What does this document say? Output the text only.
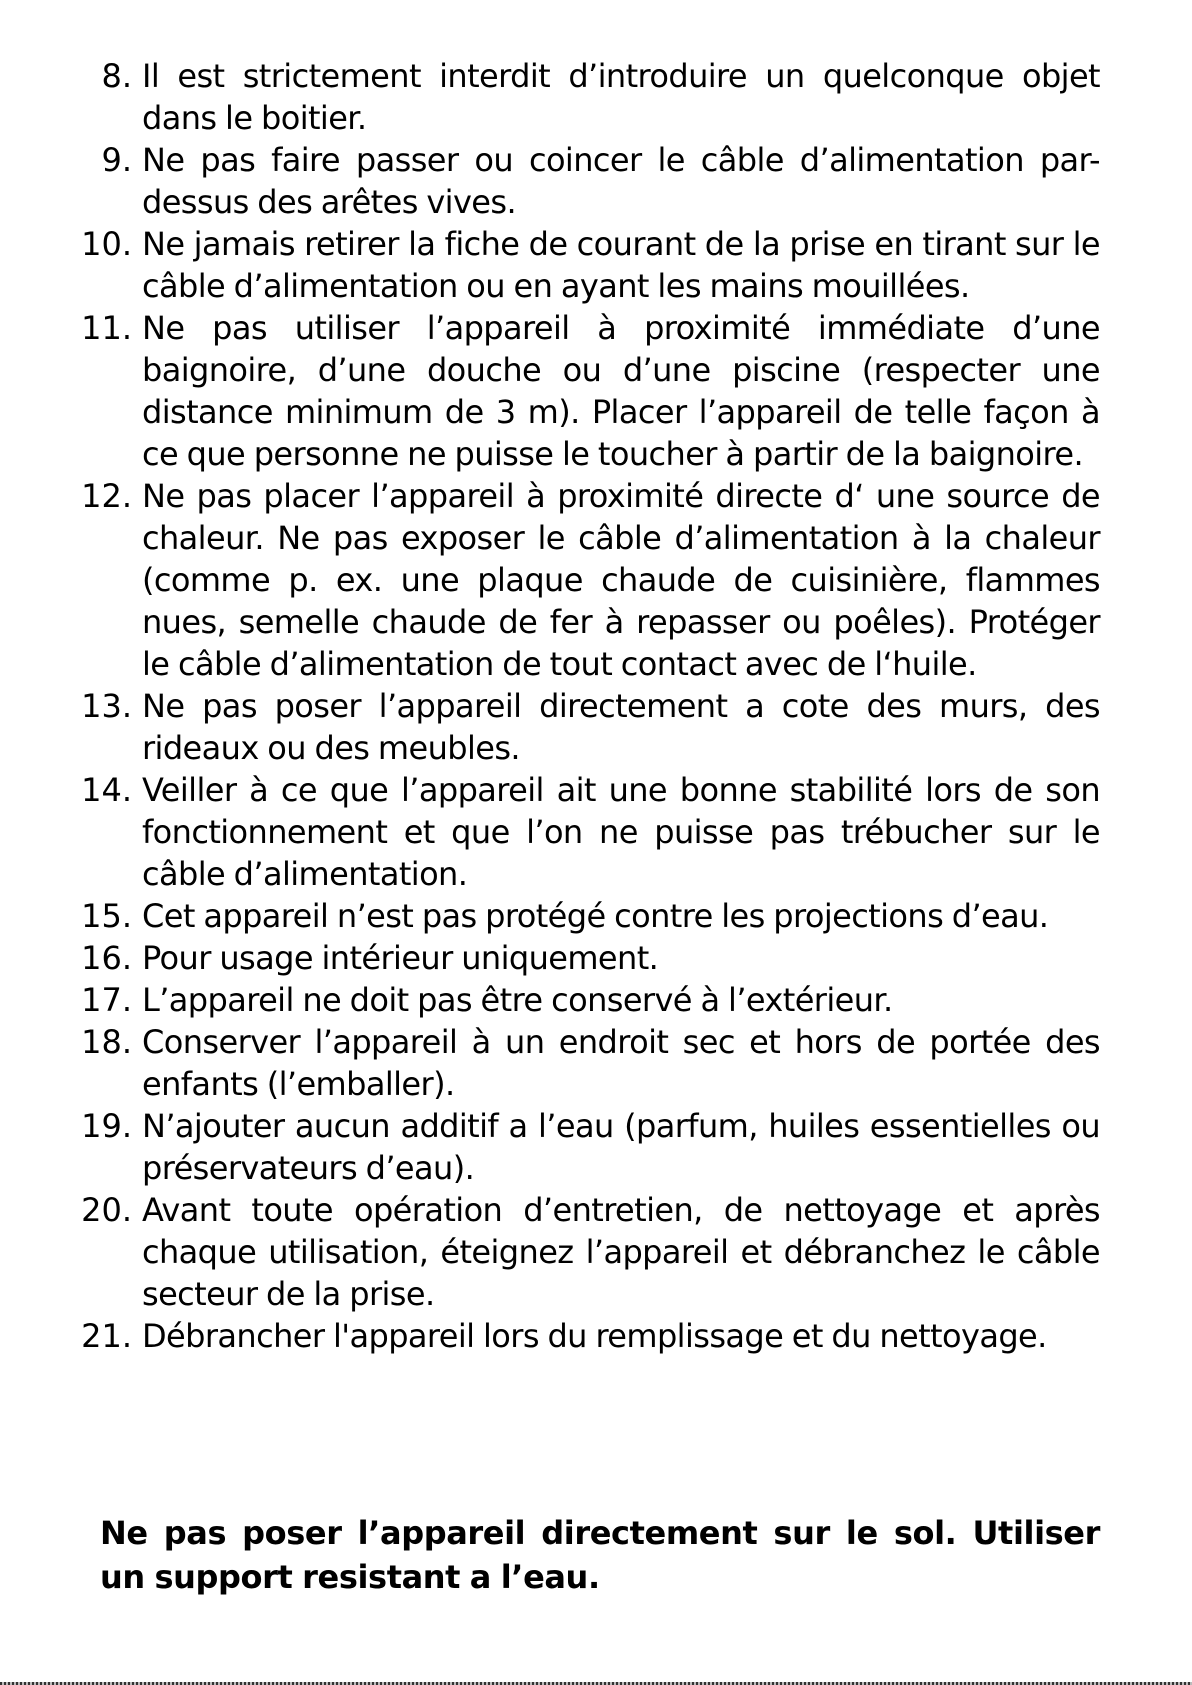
8. Il est strictement interdit d’introduire un quelconque objet dans le boitier.
9. Ne pas faire passer ou coincer le câble d’alimentation par-dessus des arêtes vives.
10. Ne jamais retirer la fiche de courant de la prise en tirant sur le câble d’alimentation ou en ayant les mains mouillées.
11. Ne pas utiliser l’appareil à proximité immédiate d’une baignoire, d’une douche ou d’une piscine (respecter une distance minimum de 3 m). Placer l’appareil de telle façon à ce que personne ne puisse le toucher à partir de la baignoire.
12. Ne pas placer l’appareil à proximité directe d‘ une source de chaleur. Ne pas exposer le câble d’alimentation à la chaleur (comme p. ex. une plaque chaude de cuisinière, flammes nues, semelle chaude de fer à repasser ou poêles). Protéger le câble d’alimentation de tout contact avec de l‘huile.
13. Ne pas poser l’appareil directement a cote des murs, des rideaux ou des meubles.
14. Veiller à ce que l’appareil ait une bonne stabilité lors de son fonctionnement et que l’on ne puisse pas trébucher sur le câble d’alimentation.
15. Cet appareil n’est pas protégé contre les projections d’eau.
16. Pour usage intérieur uniquement.
17. L’appareil ne doit pas être conservé à l’extérieur.
18. Conserver l’appareil à un endroit sec et hors de portée des enfants (l’emballer).
19. N’ajouter aucun additif a l’eau (parfum, huiles essentielles ou préservateurs d’eau).
20. Avant toute opération d’entretien, de nettoyage et après chaque utilisation, éteignez l’appareil et débranchez le câble secteur de la prise.
21. Débrancher l'appareil lors du remplissage et du nettoyage.

Ne pas poser l’appareil directement sur le sol. Utiliser un support resistant a l’eau.
